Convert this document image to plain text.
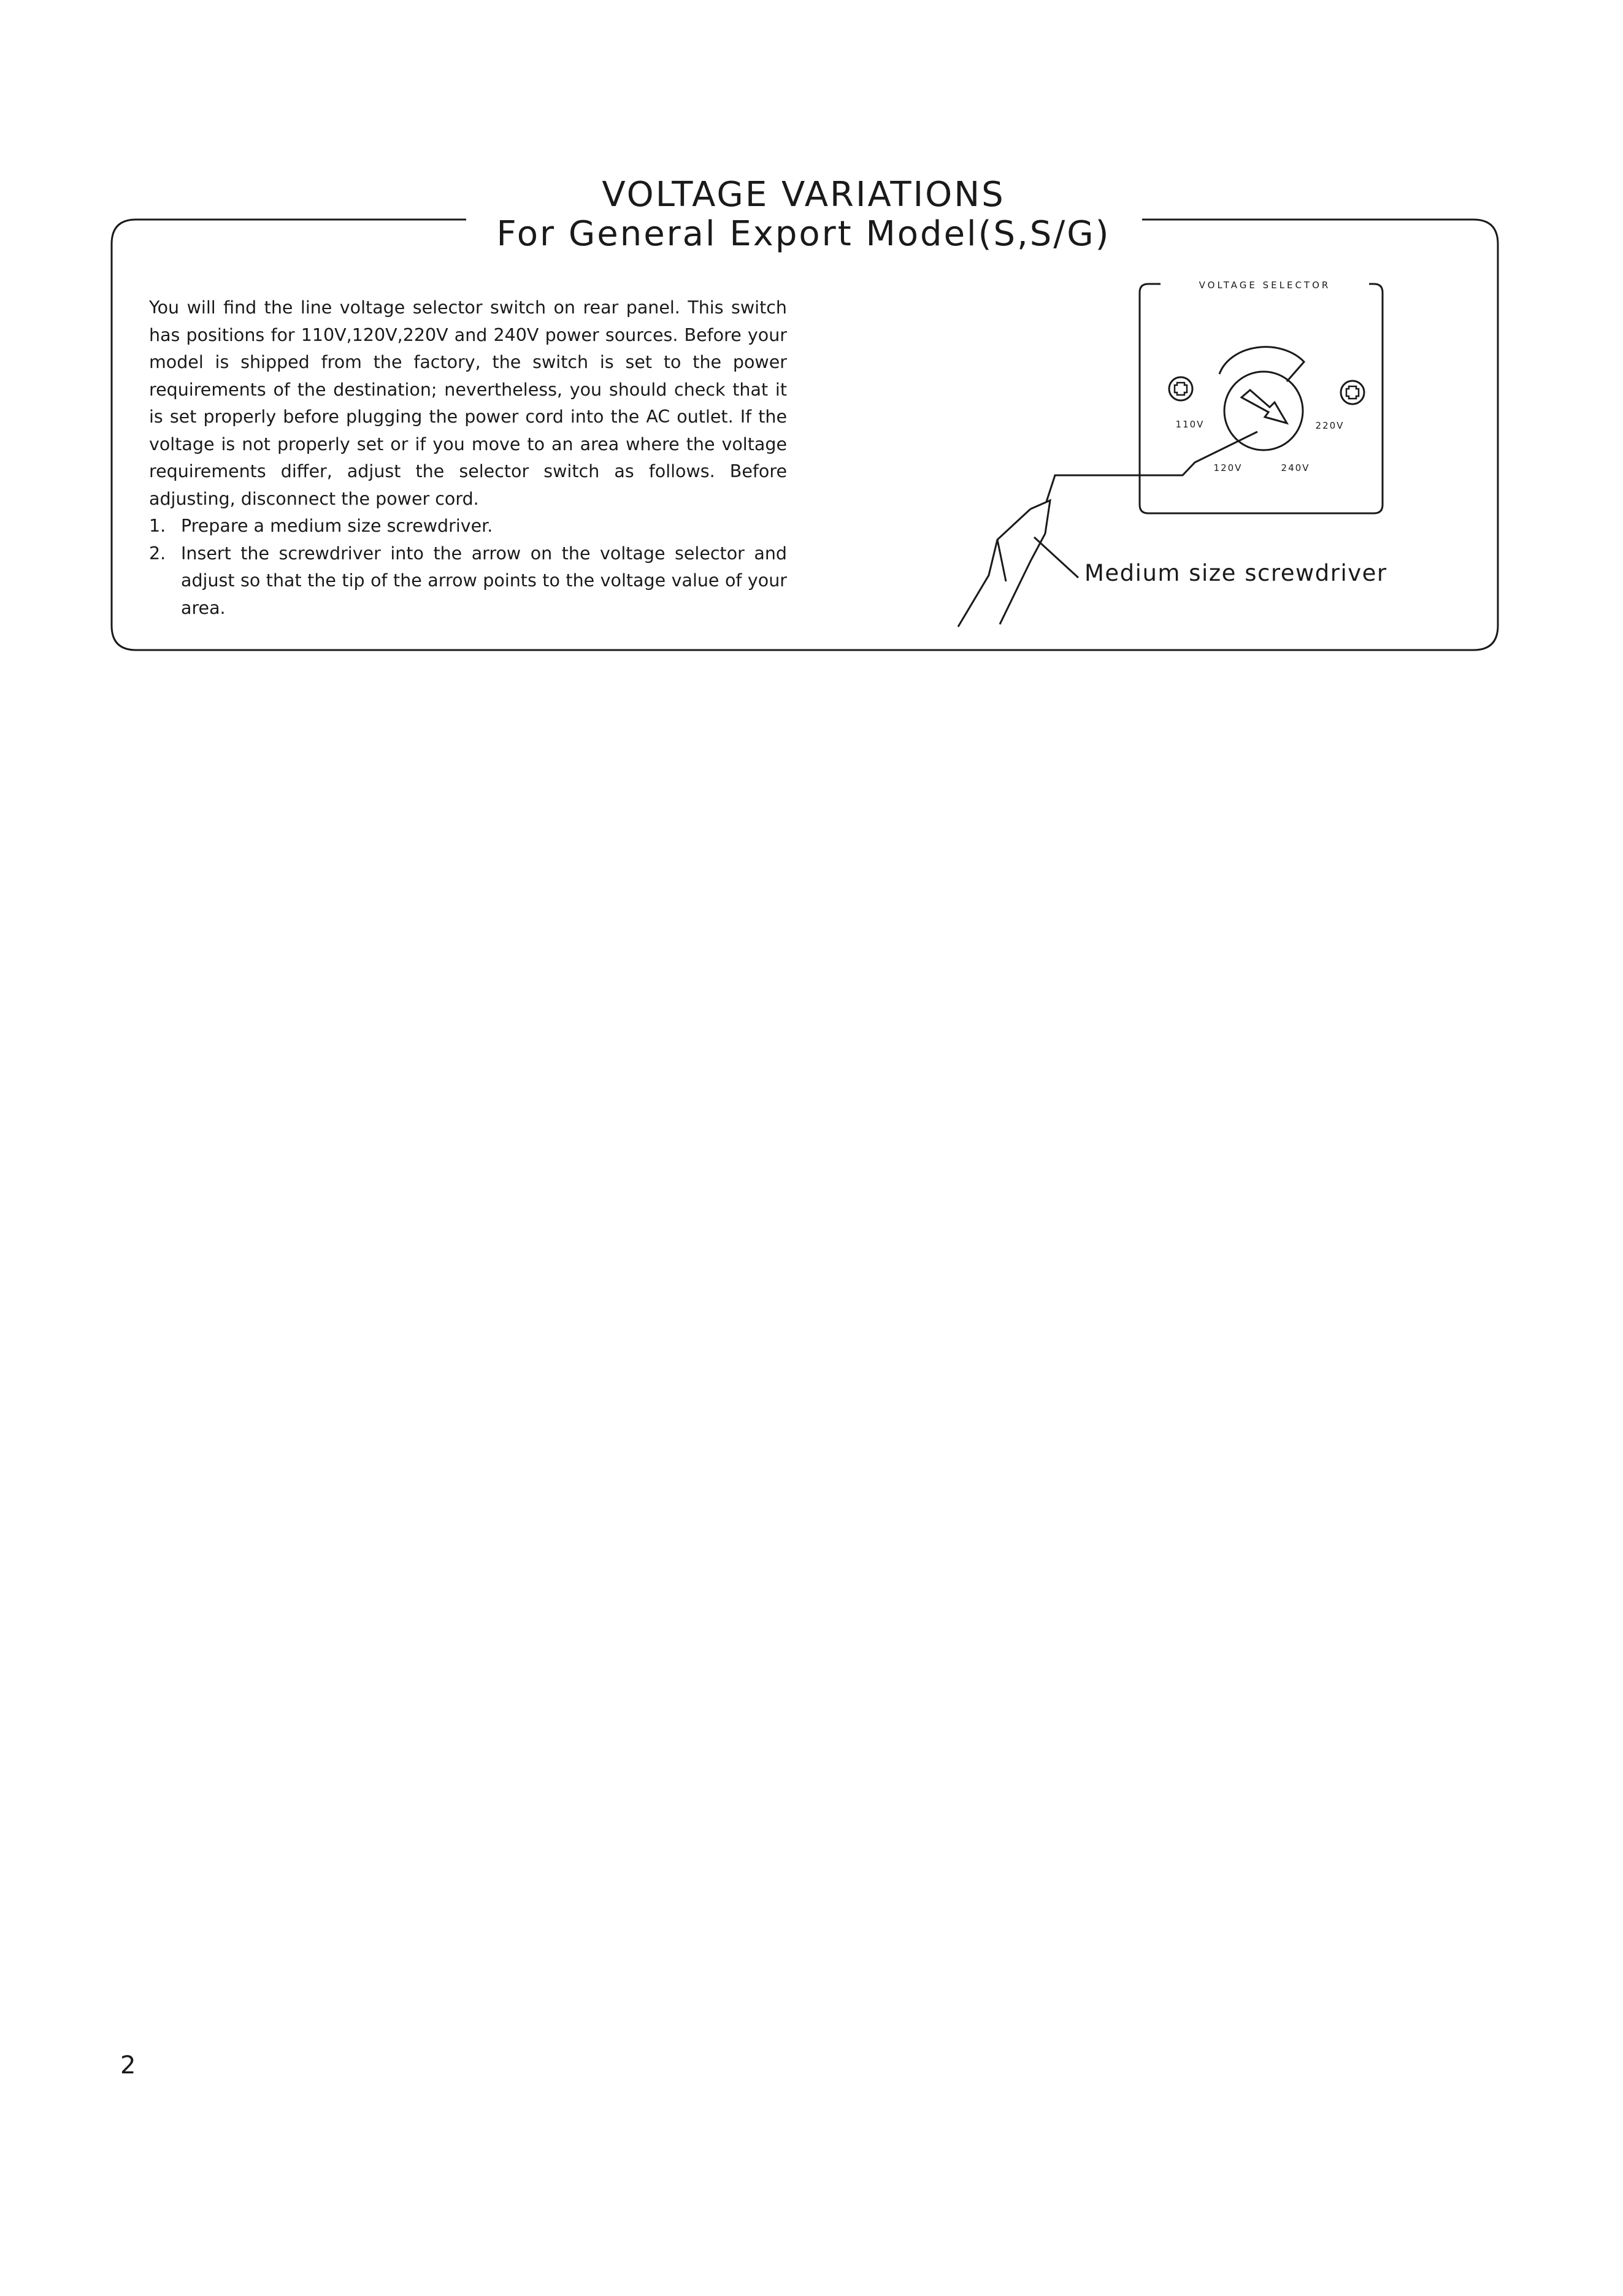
VOLTAGE VARIATIONS
For General Export Model(S,S/G)

You will find the line voltage selector switch on rear panel. This switch has positions for 110V,120V,220V and 240V power sources. Before your model is shipped from the factory, the switch is set to the power requirements of the destination; nevertheless, you should check that it is set properly before plugging the power cord into the AC outlet. If the voltage is not properly set or if you move to an area where the voltage requirements differ, adjust the selector switch as follows. Before adjusting, disconnect the power cord.

1. Prepare a medium size screwdriver.
2. Insert the screwdriver into the arrow on the voltage selector and adjust so that the tip of the arrow points to the voltage value of your area.
VOLTAGE SELECTOR
110V	220V
120V	240V
Medium size screwdriver
2
